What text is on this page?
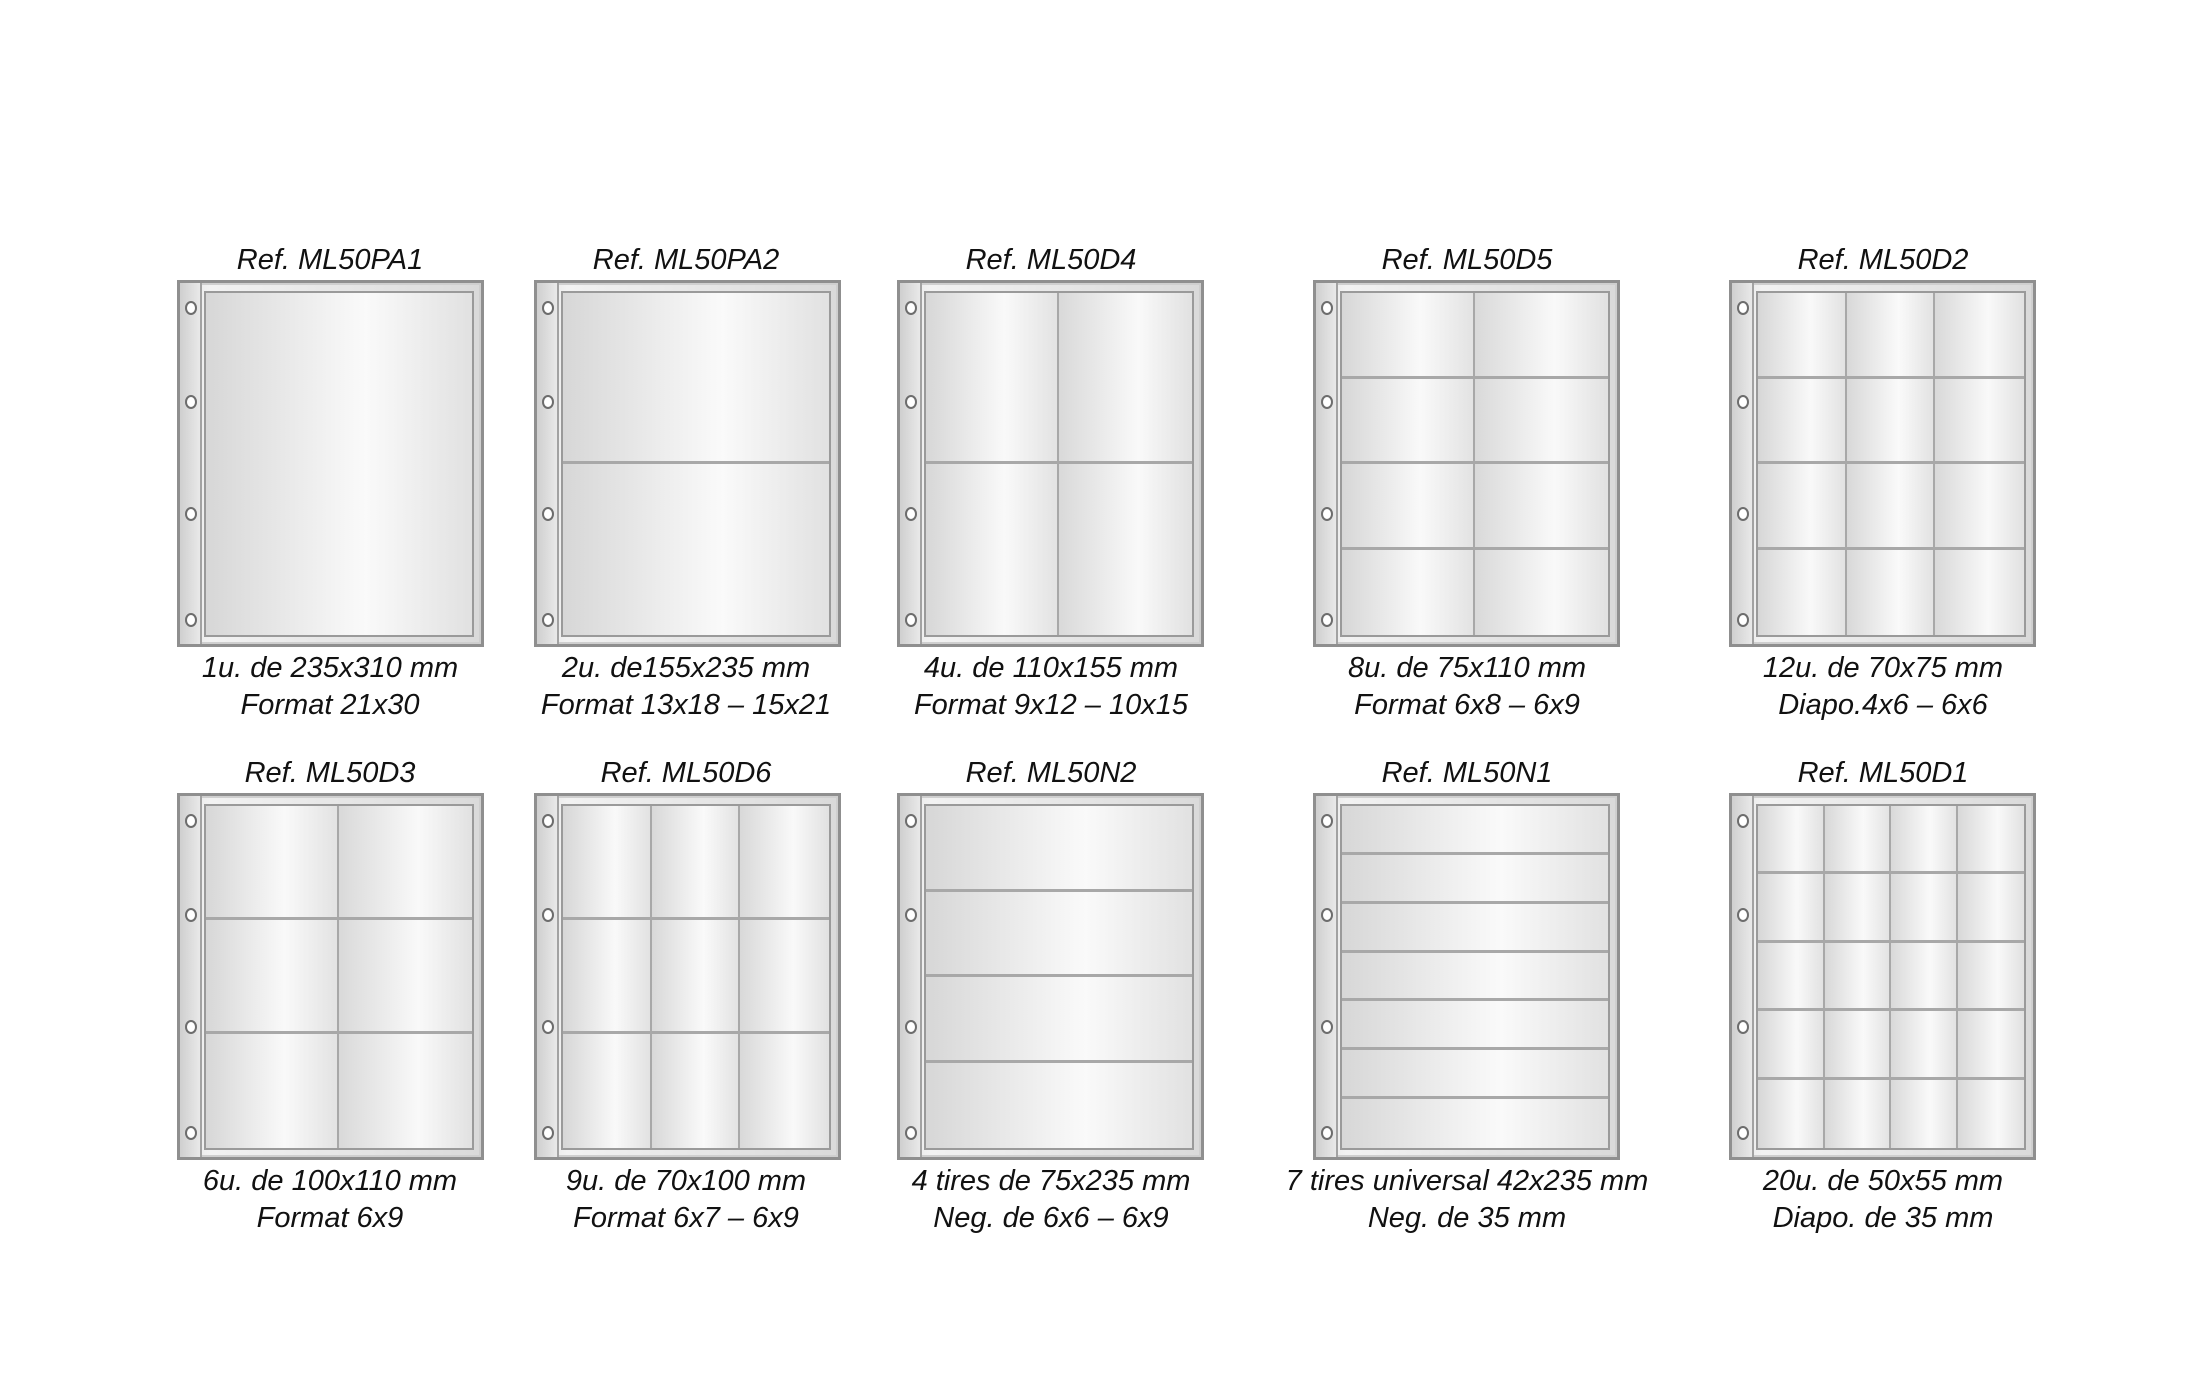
Ref. ML50PA1
1u. de 235x310 mm
Format 21x30
Ref. ML50PA2
2u. de155x235 mm
Format 13x18 – 15x21
Ref. ML50D4
4u. de 110x155 mm
Format 9x12 – 10x15
Ref. ML50D5
8u. de 75x110 mm
Format 6x8 – 6x9
Ref. ML50D2
12u. de 70x75 mm
Diapo.4x6 – 6x6
Ref. ML50D3
6u. de 100x110 mm
Format 6x9
Ref. ML50D6
9u. de 70x100 mm
Format 6x7 – 6x9
Ref. ML50N2
4 tires de 75x235 mm
Neg. de 6x6 – 6x9
Ref. ML50N1
7 tires universal 42x235 mm
Neg. de 35 mm
Ref. ML50D1
20u. de 50x55 mm
Diapo. de 35 mm
